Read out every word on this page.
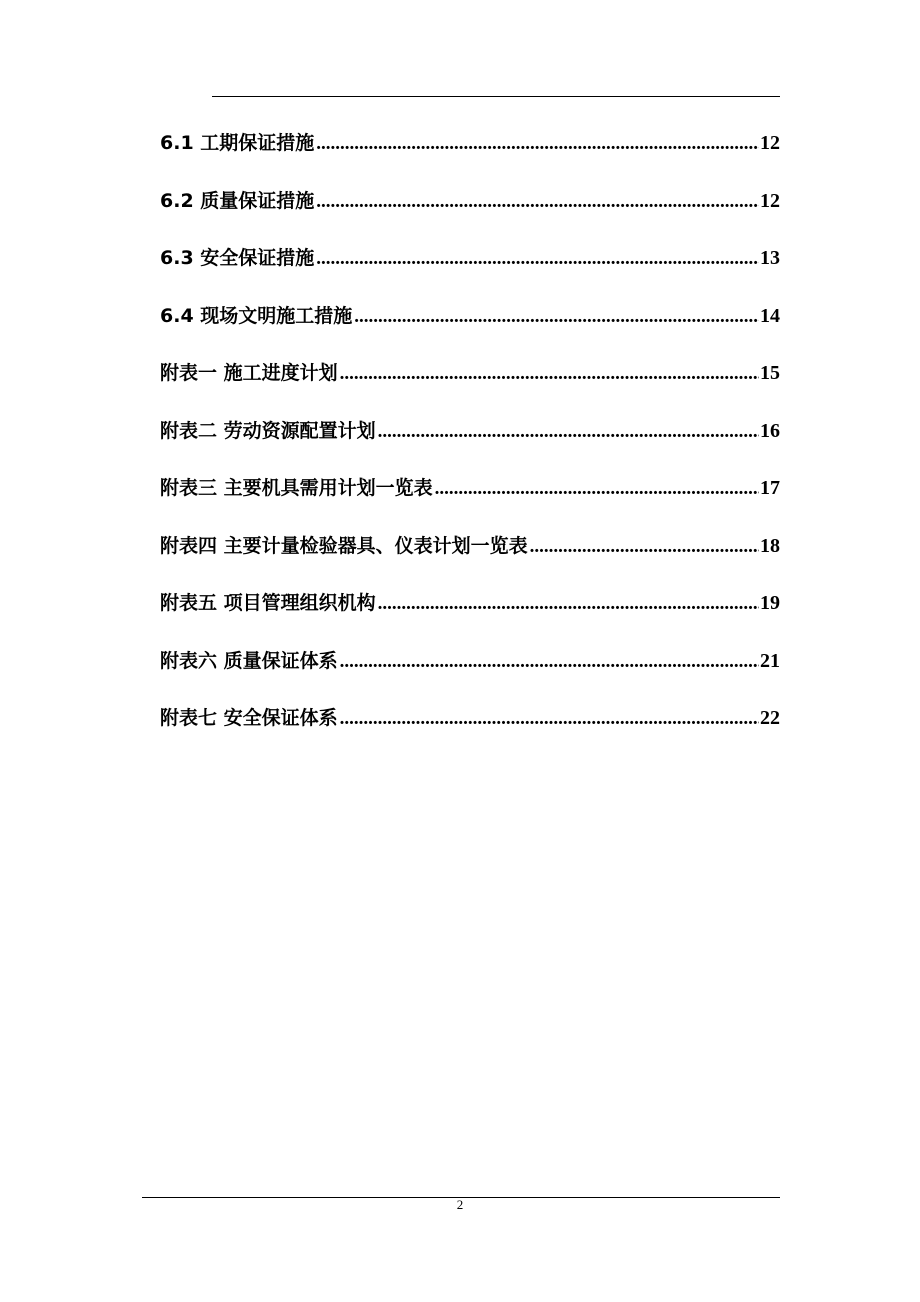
6.1 工期保证措施 .....	12
6.2 质量保证措施 .....	12
6.3 安全保证措施 .....	13
6.4 现场文明施工措施 .....	14
附表一 施工进度计划 .....	15
附表二 劳动资源配置计划 .....	16
附表三 主要机具需用计划一览表 .....	17
附表四 主要计量检验器具、仪表计划一览表 .....	18
附表五 项目管理组织机构 .....	19
附表六 质量保证体系 .....	21
附表七 安全保证体系 .....	22
2
